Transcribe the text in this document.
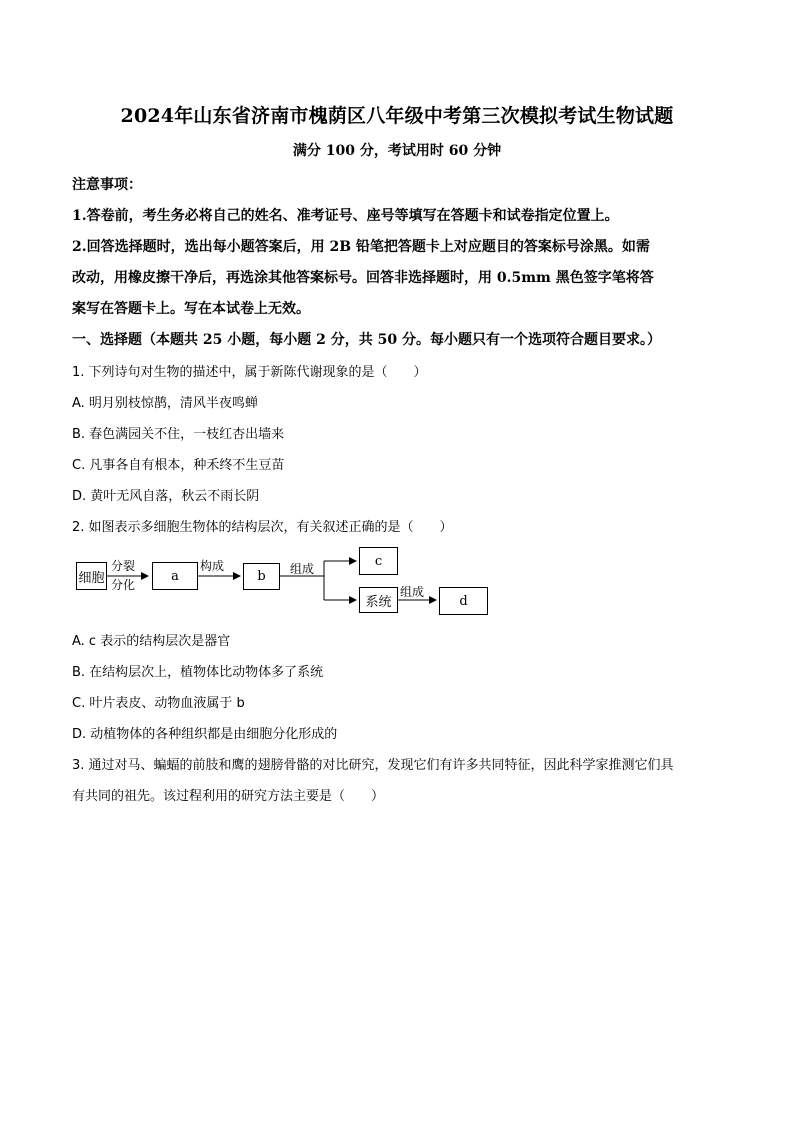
2024年山东省济南市槐荫区八年级中考第三次模拟考试生物试题
满分 100 分，考试用时 60 分钟
注意事项：
1.答卷前，考生务必将自己的姓名、准考证号、座号等填写在答题卡和试卷指定位置上。
2.回答选择题时，选出每小题答案后，用 2B 铅笔把答题卡上对应题目的答案标号涂黑。如需
改动，用橡皮擦干净后，再选涂其他答案标号。回答非选择题时，用 0.5mm 黑色签字笔将答
案写在答题卡上。写在本试卷上无效。
一、选择题（本题共 25 小题，每小题 2 分，共 50 分。每小题只有一个选项符合题目要求。）
1. 下列诗句对生物的描述中，属于新陈代谢现象的是（　　）
A. 明月别枝惊鹊，清风半夜鸣蝉
B. 春色满园关不住，一枝红杏出墙来
C. 凡事各自有根本，种禾终不生豆苗
D. 黄叶无风自落，秋云不雨长阴
2. 如图表示多细胞生物体的结构层次，有关叙述正确的是（　　）
细胞
分裂
分化
a
构成
b	组成
c
系统
组成
d
A. c 表示的结构层次是器官
B. 在结构层次上，植物体比动物体多了系统
C. 叶片表皮、动物血液属于 b
D. 动植物体的各种组织都是由细胞分化形成的
3. 通过对马、蝙蝠的前肢和鹰的翅膀骨骼的对比研究，发现它们有许多共同特征，因此科学家推测它们具
有共同的祖先。该过程利用的研究方法主要是（　　）
